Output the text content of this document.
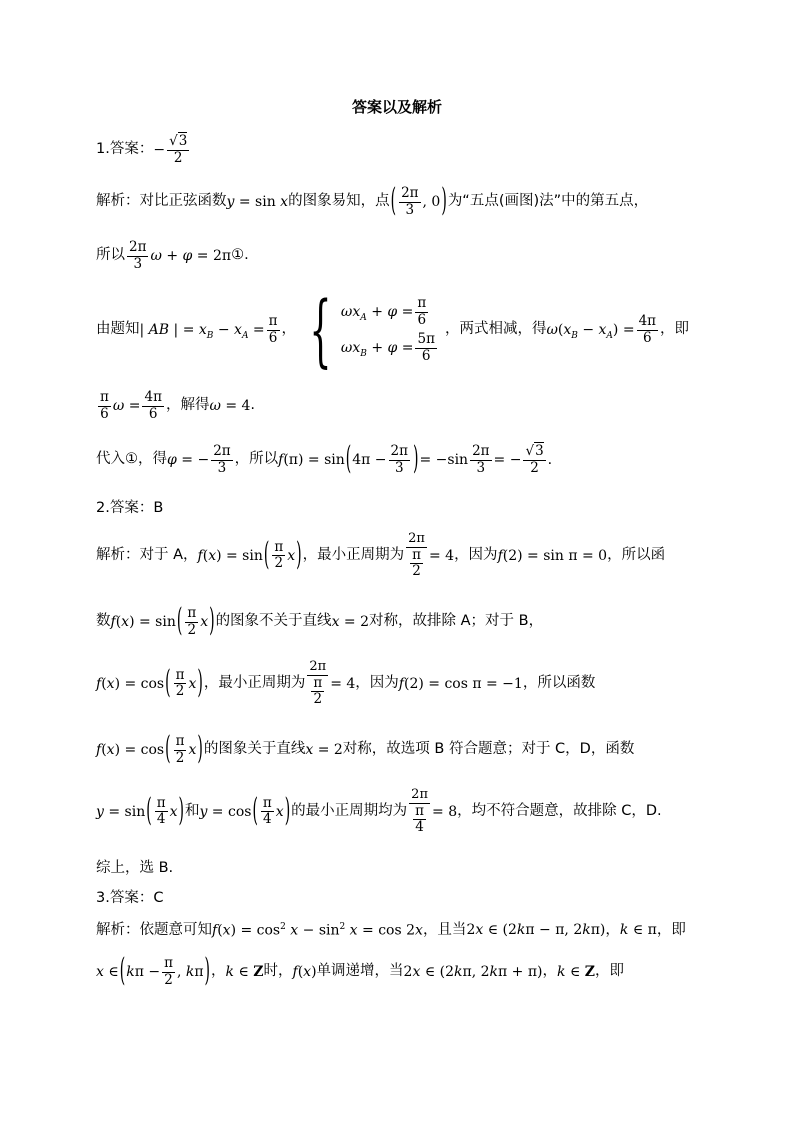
答案以及解析
1.答案： − $\frac{√3}{2}$
解析： 对比正弦函数 y = sin x 的图象易知，点 ( $\frac{2\pi}{3}$ , 0) 为“五点(画图)法”中的第五点，
所以 $\frac{2\pi}{3}$ ω + φ = 2π ①.
由题知 | AB | = $x_B - x_A = \frac{\pi}{6}$ ， { $\omega x_A + \varphi = \frac{\pi}{6}$
$\omega x_B + \varphi = \frac{5\pi}{6}$
，两式相减，得 $\omega(x_B - x_A) = \frac{4\pi}{6}$ ，即
$\frac{\pi}{6}$ $\omega = \frac{4\pi}{6}$ ，解得 ω = 4 .
代入①，得 φ = − $\frac{2\pi}{3}$ ，所以 $f(\pi) = \sin(4\pi - \frac{2\pi}{3}$ )= $-\sin \frac{2\pi}{3}$ = − $\frac{√3}{2}$ .
2.答案： B
解析： 对于 A， $f(x) = \sin( \frac{\pi}{2} x)$ ，最小正周期为 $\frac{2\pi}{\frac{\pi}{2}} = 4$ ，因为 f(2) = sin π = 0 ，所以函
数 $f(x) = \sin( \frac{\pi}{2} x)$ 的图象不关于直线 x = 2 对称，故排除 A；对于 B，
$f(x) = \cos( \frac{\pi}{2} x)$ ，最小正周期为 $\frac{2\pi}{\frac{\pi}{2}} = 4$ ，因为 f(2) = cos π = −1 ，所以函数
$f(x) = \cos( \frac{\pi}{2} x)$ 的图象关于直线 x = 2 对称，故选项 B 符合题意；对于 C，D，函数
$y = \sin( \frac{\pi}{4} x)$ 和 $y = \cos( \frac{\pi}{4} x)$ 的最小正周期均为 $\frac{2\pi}{\frac{\pi}{4}} = 8$ ，均不符合题意，故排除 C，D.
综上，选 B.
3.答案： C
解析： 依题意可知 $f(x) = \cos^2 x - \sin^2 x = \cos 2x$ ，且当 2x ∈ (2kπ − π, 2kπ) ， k ∈ π ，即
x ∈(kπ − $\frac{\pi}{2}$ , kπ) ， k ∈ Z 时， f(x) 单调递增，当 2x ∈ (2kπ, 2kπ + π) ， k ∈ Z ，即
